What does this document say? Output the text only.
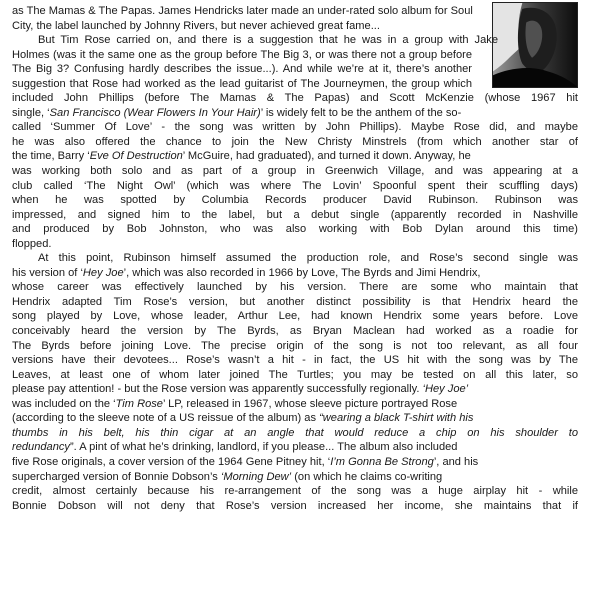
as The Mamas & The Papas. James Hendricks later made an under-rated solo album for Soul
City, the label launched by Johnny Rivers, but never achieved great fame...
But Tim Rose carried on, and there is a suggestion that he was in a group with Jake
Holmes (was it the same one as the group before The Big 3, or was there not a group before
The Big 3? Confusing hardly describes the issue...). And while we’re at it, there’s another
suggestion that Rose had worked as the lead guitarist of The Journeymen, the group which
included John Phillips (before The Mamas & The Papas) and Scott McKenzie (whose 1967 hit
single, ‘San Francisco (Wear Flowers In Your Hair)’ is widely felt to be the anthem of the so-
called ‘Summer Of Love’ - the song was written by John Phillips). Maybe Rose did, and maybe
he was also offered the chance to join the New Christy Minstrels (from which another star of
the time, Barry ‘Eve Of Destruction’ McGuire, had graduated), and turned it down. Anyway, he
was working both solo and as part of a group in Greenwich Village, and was appearing at a
club called ‘The Night Owl’ (which was where The Lovin’ Spoonful spent their scuffling days)
when he was spotted by Columbia Records producer David Rubinson. Rubinson was
impressed, and signed him to the label, but a debut single (apparently recorded in Nashville
and produced by Bob Johnston, who was also working with Bob Dylan around this time)
flopped.
At this point, Rubinson himself assumed the production role, and Rose’s second single was
his version of ‘Hey Joe’, which was also recorded in 1966 by Love, The Byrds and Jimi Hendrix,
whose career was effectively launched by his version. There are some who maintain that
Hendrix adapted Tim Rose’s version, but another distinct possibility is that Hendrix heard the
song played by Love, whose leader, Arthur Lee, had known Hendrix some years before. Love
conceivably heard the version by The Byrds, as Bryan Maclean had worked as a roadie for
The Byrds before joining Love. The precise origin of the song is not too relevant, as all four
versions have their devotees... Rose’s wasn’t a hit - in fact, the US hit with the song was by The
Leaves, at least one of whom later joined The Turtles; you may be tested on all this later, so
please pay attention! - but the Rose version was apparently successfully regionally. ‘Hey Joe’
was included on the ‘Tim Rose’ LP, released in 1967, whose sleeve picture portrayed Rose
(according to the sleeve note of a US reissue of the album) as “wearing a black T-shirt with his
thumbs in his belt, his thin cigar at an angle that would reduce a chip on his shoulder to
redundancy”. A pint of what he’s drinking, landlord, if you please... The album also included
five Rose originals, a cover version of the 1964 Gene Pitney hit, ‘I’m Gonna Be Strong’, and his
supercharged version of Bonnie Dobson’s ‘Morning Dew’ (on which he claims co-writing
credit, almost certainly because his re-arrangement of the song was a huge airplay hit - while
Bonnie Dobson will not deny that Rose’s version increased her income, she maintains that if
